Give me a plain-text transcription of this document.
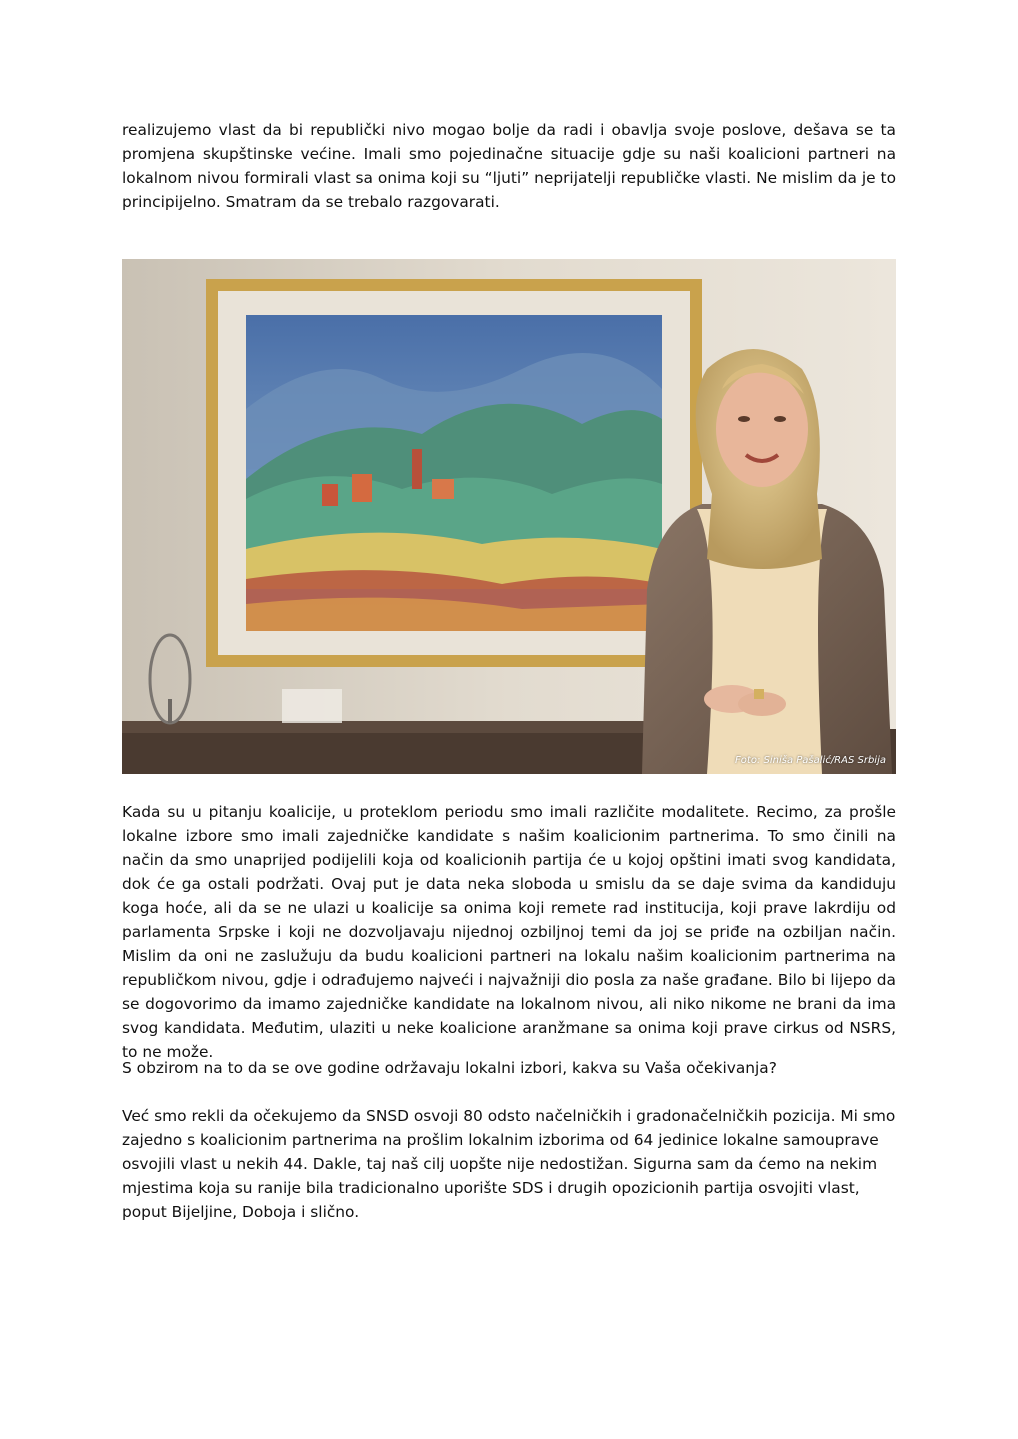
realizujemo vlast da bi republički nivo mogao bolje da radi i obavlja svoje poslove, dešava se ta promjena skupštinske većine. Imali smo pojedinačne situacije gdje su naši koalicioni partneri na lokalnom nivou formirali vlast sa onima koji su “ljuti” neprijatelji republičke vlasti. Ne mislim da je to principijelno. Smatram da se trebalo razgovarati.

Foto: Siniša Pašalić/RAS Srbija

Kada su u pitanju koalicije, u proteklom periodu smo imali različite modalitete. Recimo, za prošle lokalne izbore smo imali zajedničke kandidate s našim koalicionim partnerima. To smo činili na način da smo unaprijed podijelili koja od koalicionih partija će u kojoj opštini imati svog kandidata, dok će ga ostali podržati. Ovaj put je data neka sloboda u smislu da se daje svima da kandiduju koga hoće, ali da se ne ulazi u koalicije sa onima koji remete rad institucija, koji prave lakrdiju od parlamenta Srpske i koji ne dozvoljavaju nijednoj ozbiljnoj temi da joj se priđe na ozbiljan način. Mislim da oni ne zaslužuju da budu koalicioni partneri na lokalu našim koalicionim partnerima na republičkom nivou, gdje i odrađujemo najveći i najvažniji dio posla za naše građane. Bilo bi lijepo da se dogovorimo da imamo zajedničke kandidate na lokalnom nivou, ali niko nikome ne brani da ima svog kandidata. Međutim, ulaziti u neke koalicione aranžmane sa onima koji prave cirkus od NSRS, to ne može.

S obzirom na to da se ove godine održavaju lokalni izbori, kakva su Vaša očekivanja?

Već smo rekli da očekujemo da SNSD osvoji 80 odsto načelničkih i gradonačelničkih pozicija. Mi smo zajedno s koalicionim partnerima na prošlim lokalnim izborima od 64 jedinice lokalne samouprave osvojili vlast u nekih 44. Dakle, taj naš cilj uopšte nije nedostižan. Sigurna sam da ćemo na nekim mjestima koja su ranije bila tradicionalno uporište SDS i drugih opozicionih partija osvojiti vlast, poput Bijeljine, Doboja i slično.
